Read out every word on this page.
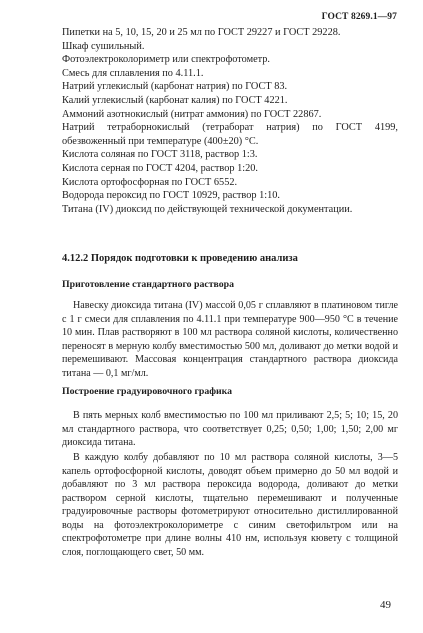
ГОСТ 8269.1—97

Пипетки на 5, 10, 15, 20 и 25 мл по ГОСТ 29227 и ГОСТ 29228.

Шкаф сушильный.

Фотоэлектроколориметр или спектрофотометр.

Смесь для сплавления по 4.11.1.

Натрий углекислый (карбонат натрия) по ГОСТ 83.

Калий углекислый (карбонат калия) по ГОСТ 4221.

Аммоний азотнокислый (нитрат аммония) по ГОСТ 22867.

Натрий тетраборнокислый (тетраборат натрия) по ГОСТ 4199, обезвоженный при температуре (400±20) °С.

Кислота соляная по ГОСТ 3118, раствор 1:3.

Кислота серная по ГОСТ 4204, раствор 1:20.

Кислота ортофосфорная по ГОСТ 6552.

Водорода пероксид по ГОСТ 10929, раствор 1:10.

Титана (IV) диоксид по действующей технической документации.

4.12.2 Порядок подготовки к проведению анализа
Приготовление стандартного раствора

Навеску диоксида титана (IV) массой 0,05 г сплавляют в платиновом тигле с 1 г смеси для сплавления по 4.11.1 при температуре 900—950 °С в течение 10 мин. Плав растворяют в 100 мл раствора соляной кислоты, количественно переносят в мерную колбу вместимостью 500 мл, доливают до метки водой и перемешивают. Массовая концентрация стандартного раствора диоксида титана — 0,1 мг/мл.

Построение градуировочного графика

В пять мерных колб вместимостью по 100 мл приливают 2,5; 5; 10; 15, 20 мл стандартного раствора, что соответствует 0,25; 0,50; 1,00; 1,50; 2,00 мг диоксида титана.

В каждую колбу добавляют по 10 мл раствора соляной кислоты, 3—5 капель ортофосфорной кислоты, доводят объем примерно до 50 мл водой и добавляют по 3 мл раствора пероксида водорода, доливают до метки раствором серной кислоты, тщательно перемешивают и полученные градуировочные растворы фотометрируют относительно дистиллированной воды на фотоэлектроколориметре с синим светофильтром или на спектрофотометре при длине волны 410 нм, используя кювету с толщиной слоя, поглощающего свет, 50 мм.

49
